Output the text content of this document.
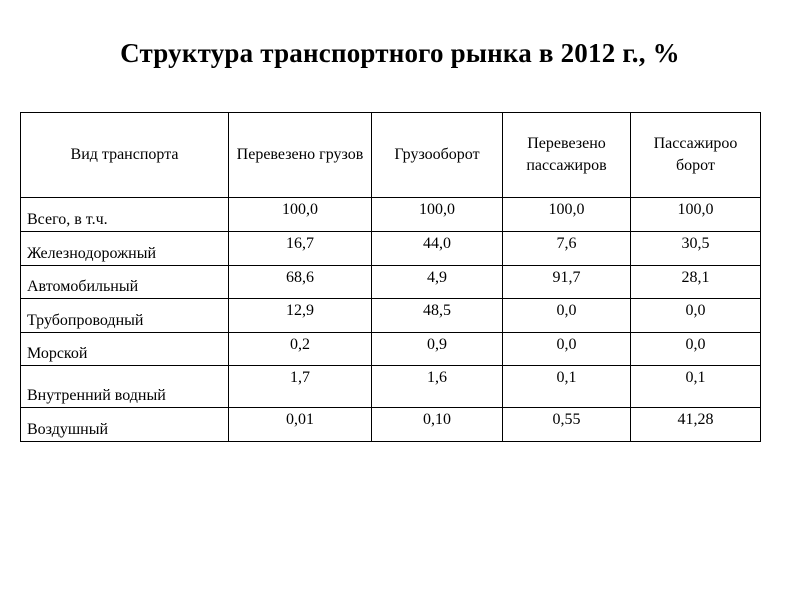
Структура транспортного рынка в 2012 г., %
Вид транспорта	Перевезено грузов	Грузооборот	Перевезено пассажиров	Пассажироо борот
Всего, в т.ч.	100,0	100,0	100,0	100,0
Железнодорожный	16,7	44,0	7,6	30,5
Автомобильный	68,6	4,9	91,7	28,1
Трубопроводный	12,9	48,5	0,0	0,0
Морской	0,2	0,9	0,0	0,0
Внутренний водный	1,7	1,6	0,1	0,1
Воздушный	0,01	0,10	0,55	41,28
